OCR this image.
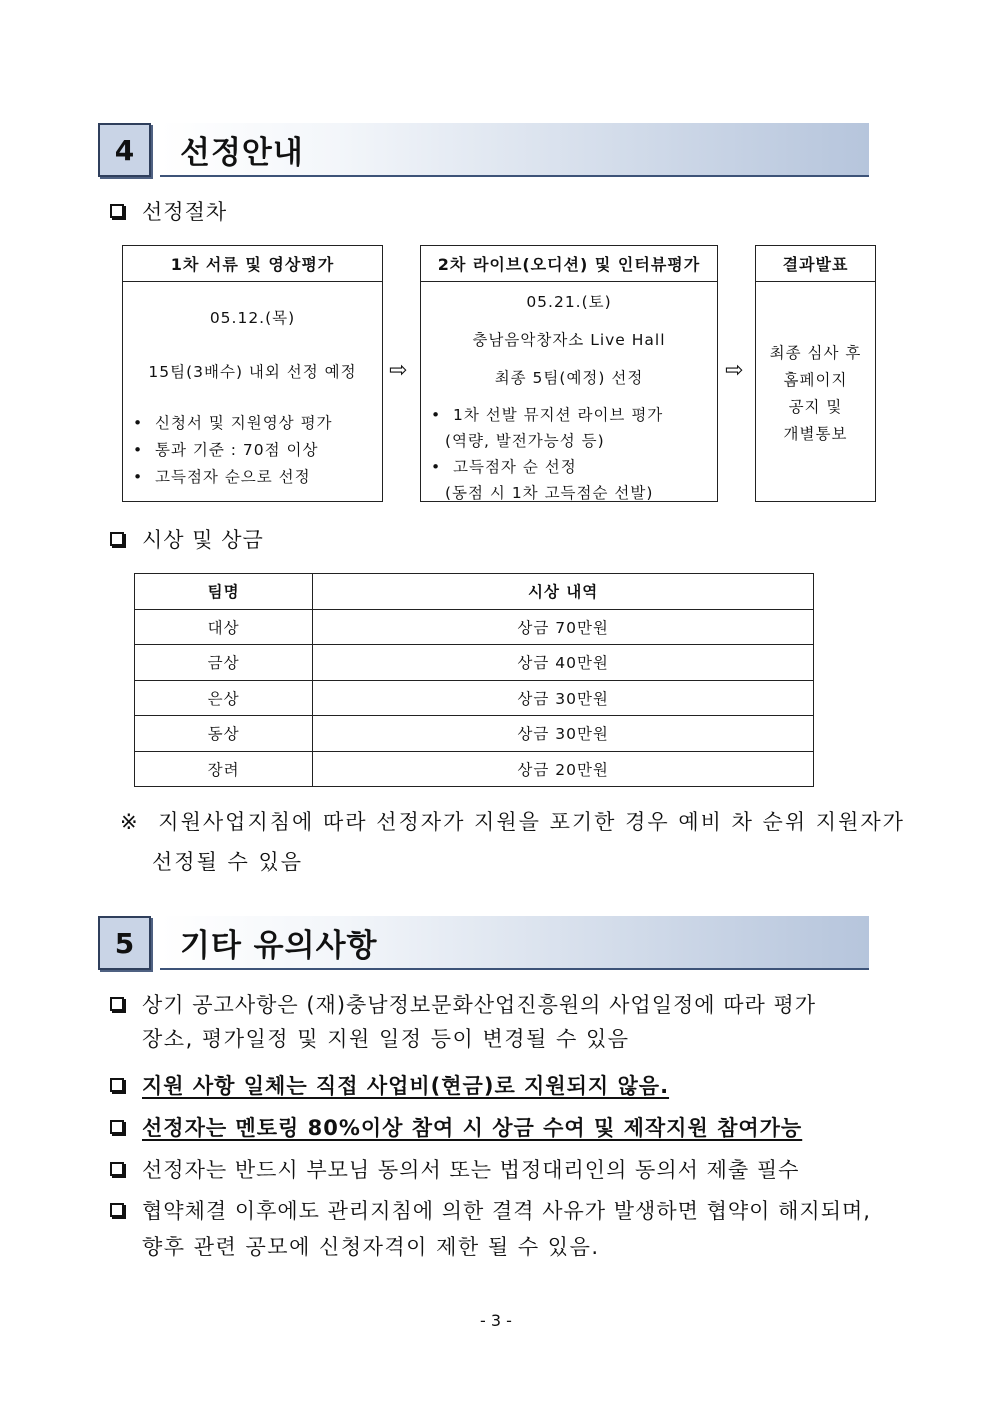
4	선정안내
선정절차
1차 서류 및 영상평가
05.12.(목)
15팀(3배수) 내외 선정 예정
• 신청서 및 지원영상 평가
• 통과 기준 : 70점 이상
• 고득점자 순으로 선정
⇨
2차 라이브(오디션) 및 인터뷰평가
05.21.(토)
충남음악창자소 Live Hall
최종 5팀(예정) 선정
• 1차 선발 뮤지션 라이브 평가
(역량, 발전가능성 등)
• 고득점자 순 선정
(동점 시 1차 고득점순 선발)
⇨
결과발표
최종 심사 후
홈페이지
공지 및
개별통보
시상 및 상금
팀명	시상 내역
대상	상금 70만원
금상	상금 40만원
은상	상금 30만원
동상	상금 30만원
장려	상금 20만원
※ 지원사업지침에 따라 선정자가 지원을 포기한 경우 예비 차 순위 지원자가
선정될 수 있음
5	기타 유의사항
상기 공고사항은 (재)충남정보문화산업진흥원의 사업일정에 따라 평가
장소, 평가일정 및 지원 일정 등이 변경될 수 있음
지원 사항 일체는 직접 사업비(현금)로 지원되지 않음.
선정자는 멘토링 80%이상 참여 시 상금 수여 및 제작지원 참여가능
선정자는 반드시 부모님 동의서 또는 법정대리인의 동의서 제출 필수
협약체결 이후에도 관리지침에 의한 결격 사유가 발생하면 협약이 해지되며,
향후 관련 공모에 신청자격이 제한 될 수 있음.
- 3 -
